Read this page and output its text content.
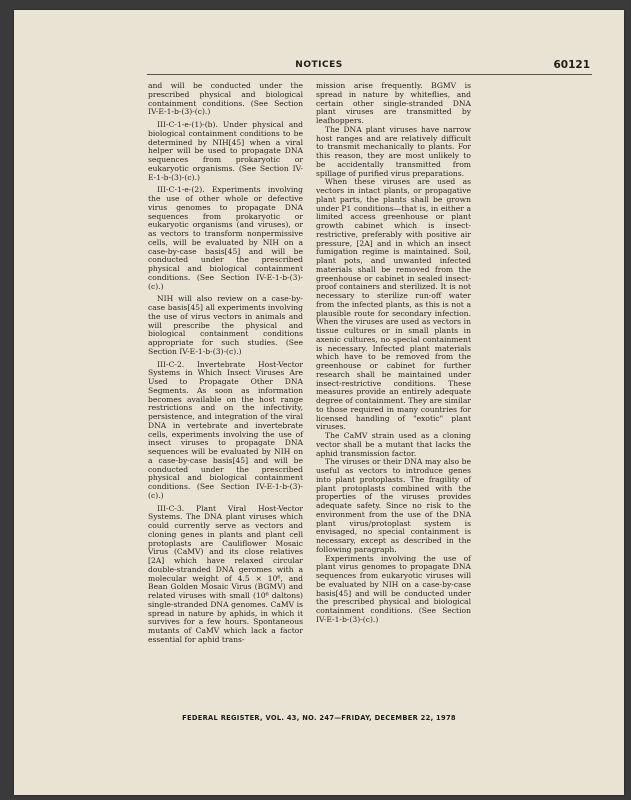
NOTICES	60121

and will be conducted under the prescribed physical and biological containment conditions. (See Section IV-E-1-b-(3)-(c).)

III-C-1-e-(1)-(b). Under physical and biological containment conditions to be determined by NIH[45] when a viral helper will be used to propagate DNA sequences from prokaryotic or eukaryotic organisms. (See Section IV-E-1-b-(3)-(c).)

III-C-1-e-(2). Experiments involving the use of other whole or defective virus genomes to propagate DNA sequences from prokaryotic or eukaryotic organisms (and viruses), or as vectors to transform nonpermissive cells, will be evaluated by NIH on a case-by-case basis[45] and will be conducted under the prescribed physical and biological containment conditions. (See Section IV-E-1-b-(3)-(c).)

NIH will also review on a case-by-case basis[45] all experiments involving the use of virus vectors in animals and will prescribe the physical and biological containment conditions appropriate for such studies. (See Section IV-E-1-b-(3)-(c).)

III-C-2. Invertebrate Host-Vector Systems in Which Insect Viruses Are Used to Propagate Other DNA Segments. As soon as information becomes available on the host range restrictions and on the infectivity, persistence, and integration of the viral DNA in vertebrate and invertebrate cells, experiments involving the use of insect viruses to propagate DNA sequences will be evaluated by NIH on a case-by-case basis[45] and will be conducted under the prescribed physical and biological containment conditions. (See Section IV-E-1-b-(3)-(c).)

III-C-3. Plant Viral Host-Vector Systems. The DNA plant viruses which could currently serve as vectors and cloning genes in plants and plant cell protoplasts are Cauliflower Mosaic Virus (CaMV) and its close relatives [2A] which have relaxed circular double-stranded DNA geromes with a molecular weight of 4.5 × 10⁶, and Bean Golden Mosaic Virus (BGMV) and related viruses with small (10⁶ daltons) single-stranded DNA genomes. CaMV is spread in nature by aphids, in which it survives for a few hours. Spontaneous mutants of CaMV which lack a factor essential for aphid trans-

mission arise frequently. BGMV is spread in nature by whiteflies, and certain other single-stranded DNA plant viruses are transmitted by leafhoppers.

The DNA plant viruses have narrow host ranges and are relatively difficult to transmit mechanically to plants. For this reason, they are most unlikely to be accidentally transmitted from spillage of purified virus preparations.

When these viruses are used as vectors in intact plants, or propagative plant parts, the plants shall be grown under P1 conditions—that is, in either a limited access greenhouse or plant growth cabinet which is insect-restrictive, preferably with positive air pressure, [2A] and in which an insect fumigation regime is maintained. Soil, plant pots, and unwanted infected materials shall be removed from the greenhouse or cabinet in sealed insect-proof containers and sterilized. It is not necessary to sterilize run-off water from the infected plants, as this is not a plausible route for secondary infection. When the viruses are used as vectors in tissue cultures or in small plants in axenic cultures, no special containment is necessary. Infected plant materials which have to be removed from the greenhouse or cabinet for further research shall be maintained under insect-restrictive conditions. These measures provide an entirely adequate degree of containment. They are similar to those required in many countries for licensed handling of "exotic" plant viruses.

The CaMV strain used as a cloning vector shall be a mutant that lacks the aphid transmission factor.

The viruses or their DNA may also be useful as vectors to introduce genes into plant protoplasts. The fragility of plant protoplasts combined with the properties of the viruses provides adequate safety. Since no risk to the environment from the use of the DNA plant virus/protoplast system is envisaged, no special containment is necessary, except as described in the following paragraph.

Experiments involving the use of plant virus genomes to propagate DNA sequences from eukaryotic viruses will be evaluated by NIH on a case-by-case basis[45] and will be conducted under the prescribed physical and biological containment conditions. (See Section IV-E-1-b-(3)-(c).)

FEDERAL REGISTER, VOL. 43, NO. 247—FRIDAY, DECEMBER 22, 1978
